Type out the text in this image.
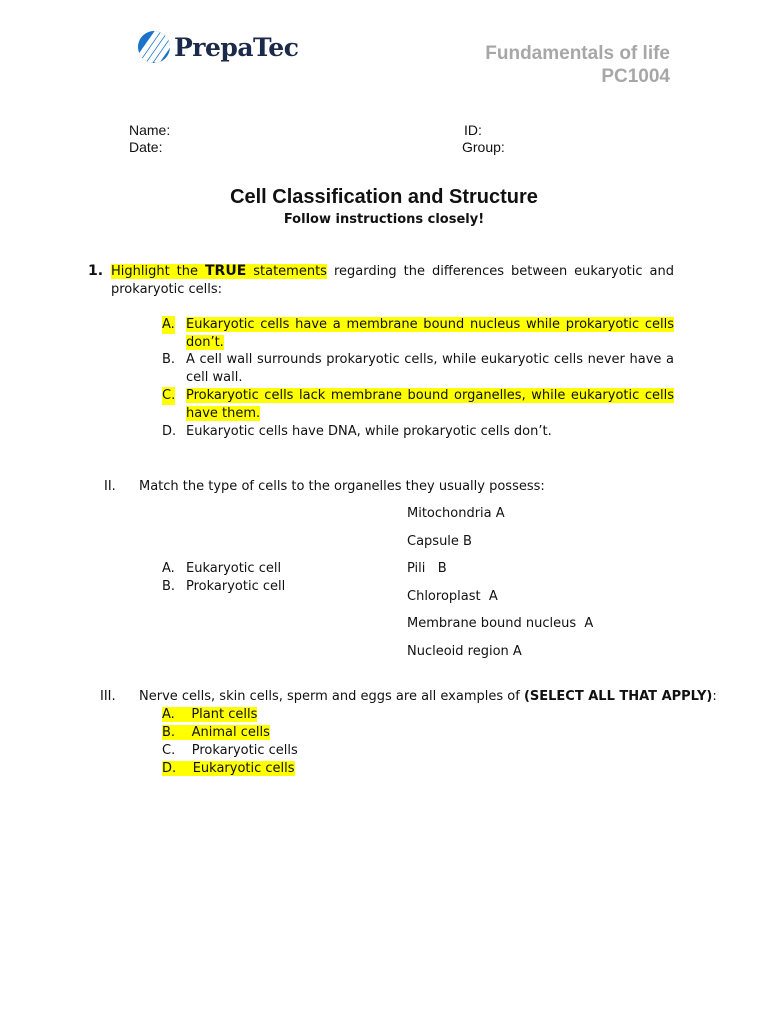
PrepaTec	Fundamentals of life
PC1004
Name:	ID:
Date:	Group:
Cell Classification and Structure
Follow instructions closely!
1. Highlight the TRUE statements regarding the differences between eukaryotic and prokaryotic cells:
A. Eukaryotic cells have a membrane bound nucleus while prokaryotic cells don’t.
B. A cell wall surrounds prokaryotic cells, while eukaryotic cells never have a cell wall.
C. Prokaryotic cells lack membrane bound organelles, while eukaryotic cells have them.
D. Eukaryotic cells have DNA, while prokaryotic cells don’t.
II. Match the type of cells to the organelles they usually possess:
A. Eukaryotic cell
B. Prokaryotic cell
Mitochondria A
Capsule B
Pili   B
Chloroplast  A
Membrane bound nucleus  A
Nucleoid region A
III. Nerve cells, skin cells, sperm and eggs are all examples of (SELECT ALL THAT APPLY):
A. Plant cells
B. Animal cells
C. Prokaryotic cells
D. Eukaryotic cells
